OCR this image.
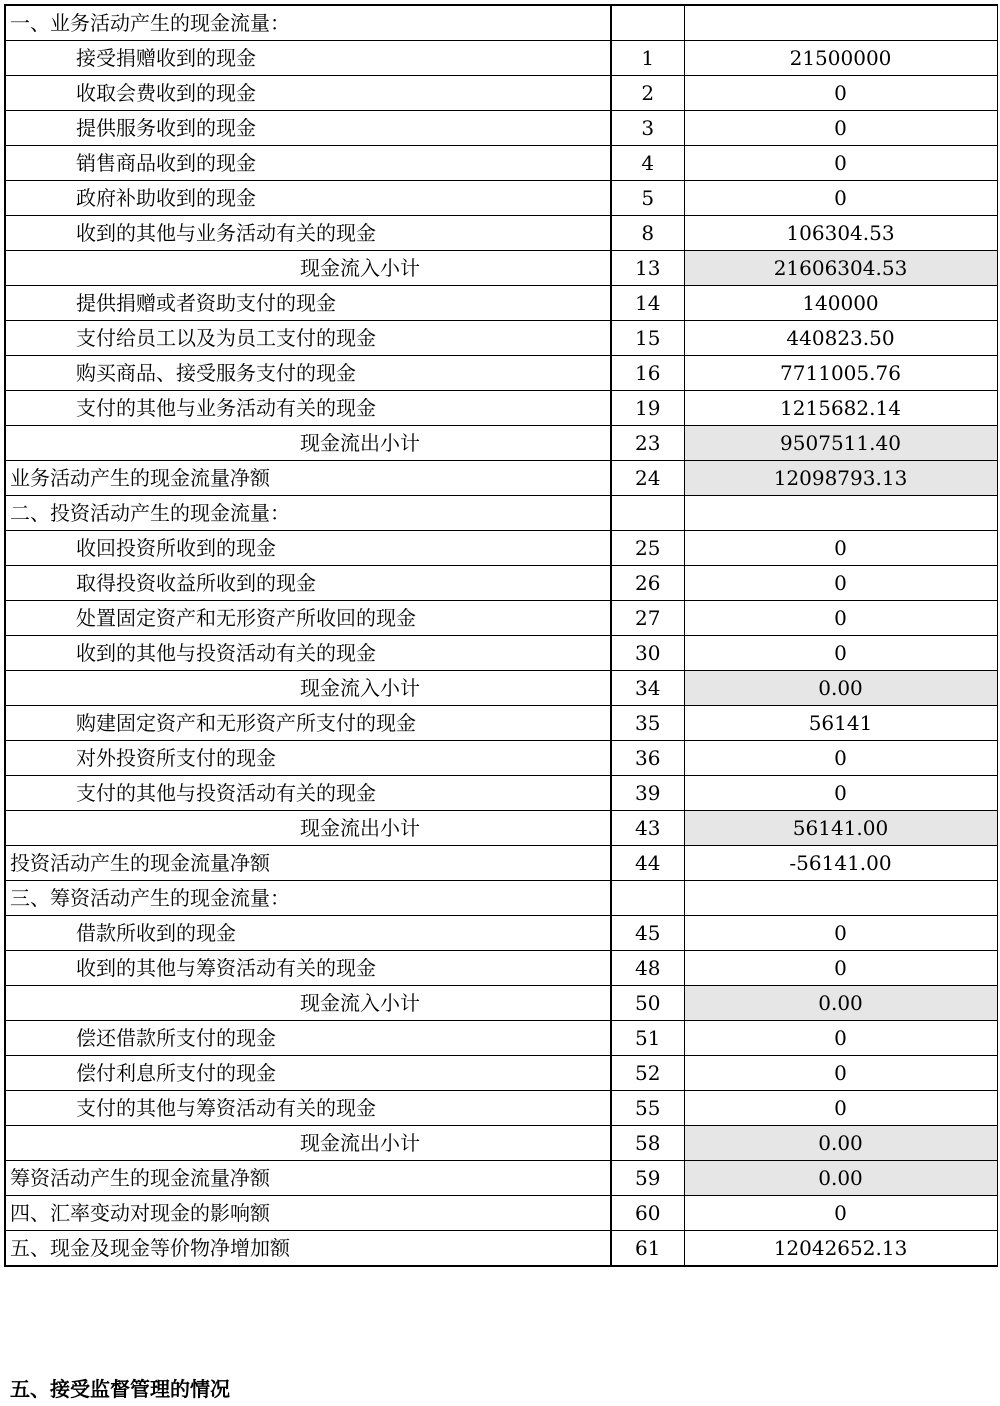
一、业务活动产生的现金流量：		
接受捐赠收到的现金	1	21500000
收取会费收到的现金	2	0
提供服务收到的现金	3	0
销售商品收到的现金	4	0
政府补助收到的现金	5	0
收到的其他与业务活动有关的现金	8	106304.53
现金流入小计	13	21606304.53
提供捐赠或者资助支付的现金	14	140000
支付给员工以及为员工支付的现金	15	440823.50
购买商品、接受服务支付的现金	16	7711005.76
支付的其他与业务活动有关的现金	19	1215682.14
现金流出小计	23	9507511.40
业务活动产生的现金流量净额	24	12098793.13
二、投资活动产生的现金流量：		
收回投资所收到的现金	25	0
取得投资收益所收到的现金	26	0
处置固定资产和无形资产所收回的现金	27	0
收到的其他与投资活动有关的现金	30	0
现金流入小计	34	0.00
购建固定资产和无形资产所支付的现金	35	56141
对外投资所支付的现金	36	0
支付的其他与投资活动有关的现金	39	0
现金流出小计	43	56141.00
投资活动产生的现金流量净额	44	-56141.00
三、筹资活动产生的现金流量：		
借款所收到的现金	45	0
收到的其他与筹资活动有关的现金	48	0
现金流入小计	50	0.00
偿还借款所支付的现金	51	0
偿付利息所支付的现金	52	0
支付的其他与筹资活动有关的现金	55	0
现金流出小计	58	0.00
筹资活动产生的现金流量净额	59	0.00
四、汇率变动对现金的影响额	60	0
五、现金及现金等价物净增加额	61	12042652.13
五、接受监督管理的情况
